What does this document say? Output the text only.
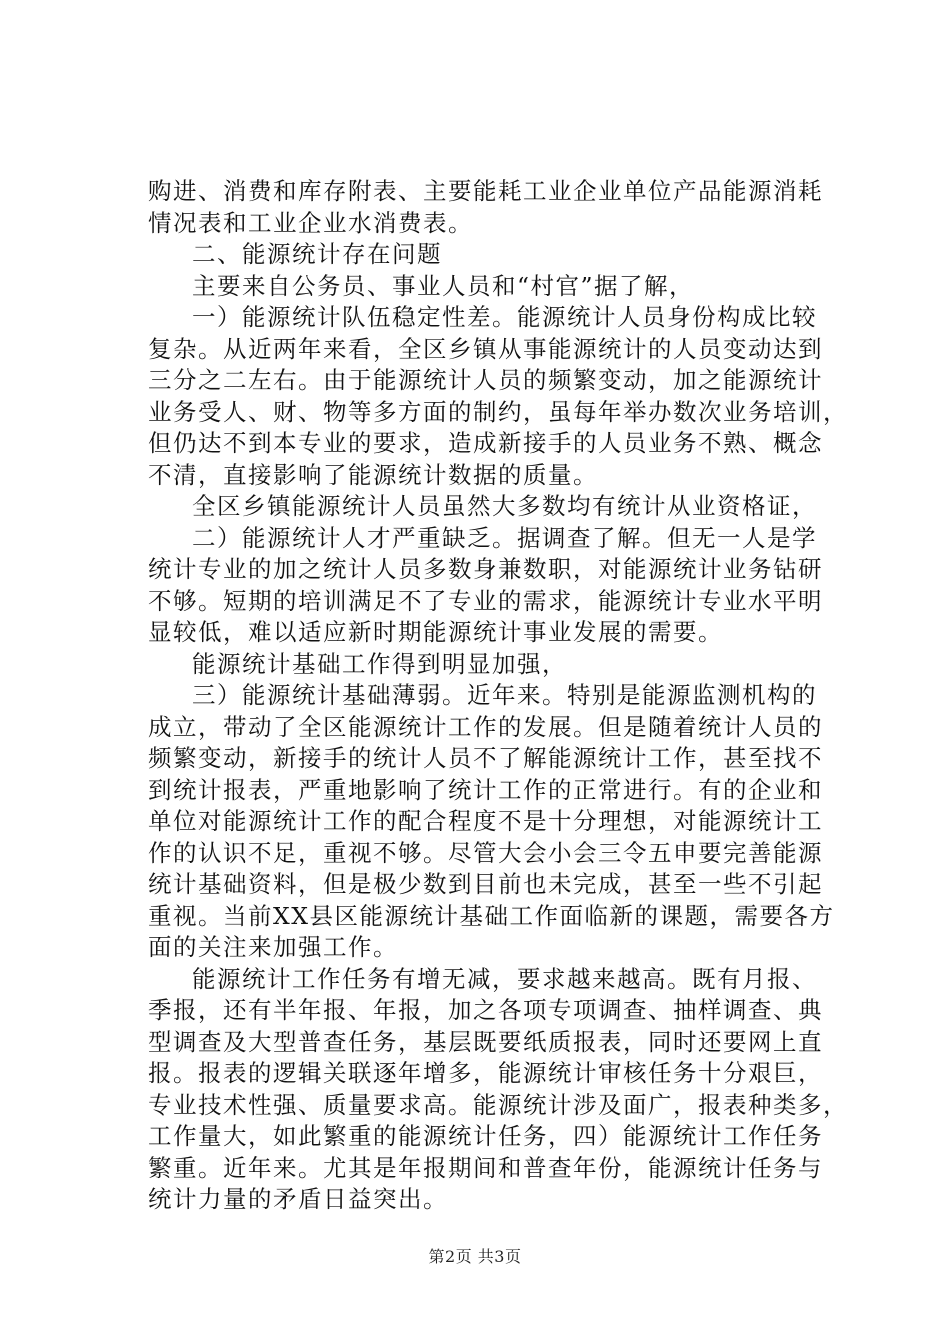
购进、消费和库存附表、主要能耗工业企业单位产品能源消耗
情况表和工业企业水消费表。
二、能源统计存在问题
主要来自公务员、事业人员和“村官”据了解，
一）能源统计队伍稳定性差。能源统计人员身份构成比较
复杂。从近两年来看，全区乡镇从事能源统计的人员变动达到
三分之二左右。由于能源统计人员的频繁变动，加之能源统计
业务受人、财、物等多方面的制约，虽每年举办数次业务培训，
但仍达不到本专业的要求，造成新接手的人员业务不熟、概念
不清，直接影响了能源统计数据的质量。
全区乡镇能源统计人员虽然大多数均有统计从业资格证，
二）能源统计人才严重缺乏。据调查了解。但无一人是学
统计专业的加之统计人员多数身兼数职，对能源统计业务钻研
不够。短期的培训满足不了专业的需求，能源统计专业水平明
显较低，难以适应新时期能源统计事业发展的需要。
能源统计基础工作得到明显加强，
三）能源统计基础薄弱。近年来。特别是能源监测机构的
成立，带动了全区能源统计工作的发展。但是随着统计人员的
频繁变动，新接手的统计人员不了解能源统计工作，甚至找不
到统计报表，严重地影响了统计工作的正常进行。有的企业和
单位对能源统计工作的配合程度不是十分理想，对能源统计工
作的认识不足，重视不够。尽管大会小会三令五申要完善能源
统计基础资料，但是极少数到目前也未完成，甚至一些不引起
重视。当前XX县区能源统计基础工作面临新的课题，需要各方
面的关注来加强工作。
能源统计工作任务有增无减，要求越来越高。既有月报、
季报，还有半年报、年报，加之各项专项调查、抽样调查、典
型调查及大型普查任务，基层既要纸质报表，同时还要网上直
报。报表的逻辑关联逐年增多，能源统计审核任务十分艰巨，
专业技术性强、质量要求高。能源统计涉及面广，报表种类多，
工作量大，如此繁重的能源统计任务，四）能源统计工作任务
繁重。近年来。尤其是年报期间和普查年份，能源统计任务与
统计力量的矛盾日益突出。

第2页 共3页
